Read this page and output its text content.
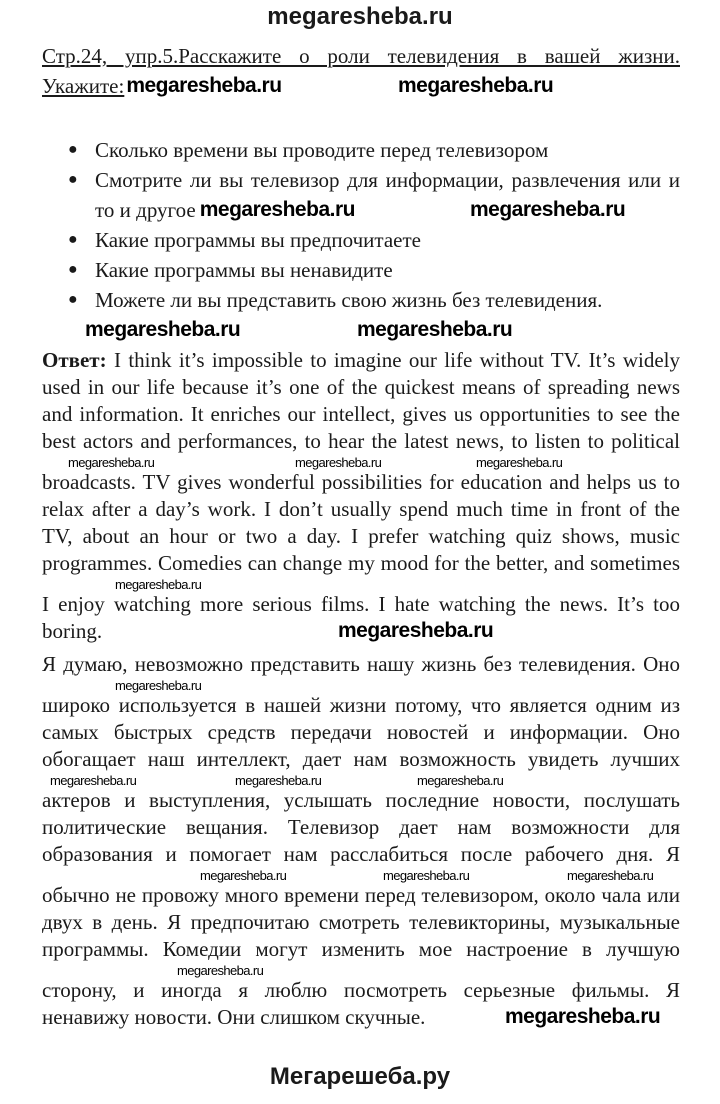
megaresheba.ru
Стр.24, упр.5.Расскажите о роли телевидения в вашей жизни.
Укажите: megaresheba.ru	megaresheba.ru
● Сколько времени вы проводите перед телевизором
● Смотрите ли вы телевизор для информации, развлечения или и
то и другое megaresheba.ru	megaresheba.ru
● Какие программы вы предпочитаете
● Какие программы вы ненавидите
● Можете ли вы представить свою жизнь без телевидения.
megaresheba.ru	megaresheba.ru
Ответ: I think it’s impossible to imagine our life without TV. It’s widely
used in our life because it’s one of the quickest means of spreading news
and information. It enriches our intellect, gives us opportunities to see the
best actors and performances, to hear the latest news, to listen to political
megaresheba.ru	megaresheba.ru	megaresheba.ru
broadcasts. TV gives wonderful possibilities for education and helps us to
relax after a day’s work. I don’t usually spend much time in front of the
TV, about an hour or two a day. I prefer watching quiz shows, music
programmes. Comedies can change my mood for the better, and sometimes
megaresheba.ru
I enjoy watching more serious films. I hate watching the news. It’s too
boring.	megaresheba.ru
Я думаю, невозможно представить нашу жизнь без телевидения. Оно
megaresheba.ru
широко используется в нашей жизни потому, что является одним из
самых быстрых средств передачи новостей и информации. Оно
обогащает наш интеллект, дает нам возможность увидеть лучших
megaresheba.ru	megaresheba.ru	megaresheba.ru
актеров и выступления, услышать последние новости, послушать
политические вещания. Телевизор дает нам возможности для
образования и помогает нам расслабиться после рабочего дня. Я
megaresheba.ru	megaresheba.ru	megaresheba.ru
обычно не провожу много времени перед телевизором, около чала или
двух в день. Я предпочитаю смотреть телевикторины, музыкальные
программы. Комедии могут изменить мое настроение в лучшую
megaresheba.ru
сторону, и иногда я люблю посмотреть серьезные фильмы. Я
ненавижу новости. Они слишком скучные.	megaresheba.ru
Мегарешеба.ру
